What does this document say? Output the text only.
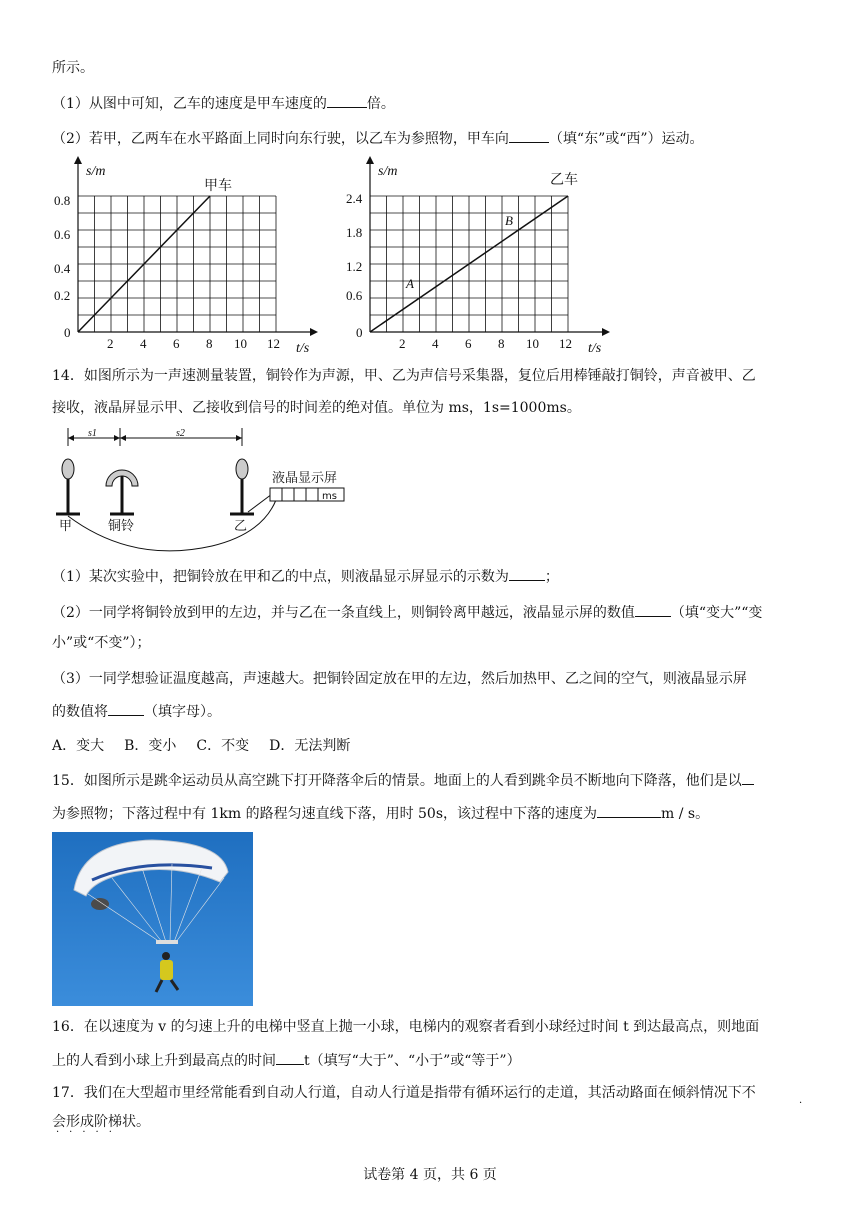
所示。
（1）从图中可知，乙车的速度是甲车速度的	倍。
（2）若甲，乙两车在水平路面上同时向东行驶，以乙车为参照物，甲车向	（填“东”或“西”）运动。
s/m
甲车
t/s
0.8
0.6
0.4
0.2
0
2 4 6 8 10 12
s/m
乙车
t/s
A
B
2.4
1.8
1.2
0.6
0
2 4 6 8 10 12
14．如图所示为一声速测量装置，铜铃作为声源，甲、乙为声信号采集器，复位后用棒锤敲打铜铃，声音被甲、乙
接收，液晶屏显示甲、乙接收到信号的时间差的绝对值。单位为 ms，1s=1000ms。
s1	s2
甲	铜铃	乙
ms
液晶显示屏
（1）某次实验中，把铜铃放在甲和乙的中点，则液晶显示屏显示的示数为	；
（2）一同学将铜铃放到甲的左边，并与乙在一条直线上，则铜铃离甲越远，液晶显示屏的数值	（填“变大”“变
小”或“不变”）；
（3）一同学想验证温度越高，声速越大。把铜铃固定放在甲的左边，然后加热甲、乙之间的空气，则液晶显示屏
的数值将	（填字母）。
A．变大 B．变小 C．不变 D．无法判断
15．如图所示是跳伞运动员从高空跳下打开降落伞后的情景。地面上的人看到跳伞员不断地向下降落，他们是以
为参照物；下落过程中有 1km 的路程匀速直线下落，用时 50s，该过程中下落的速度为	m / s。
16．在以速度为 v 的匀速上升的电梯中竖直上抛一小球，电梯内的观察者看到小球经过时间 t 到达最高点，则地面
上的人看到小球上升到最高点的时间 t（填写“大于”、“小于”或“等于”）
17．我们在大型超市里经常能看到自动人行道，自动人行道是指带有循环运行的走道，其活动路面在倾斜情况下不
会形成阶梯状。
·
·····
试卷第 4 页，共 6 页
